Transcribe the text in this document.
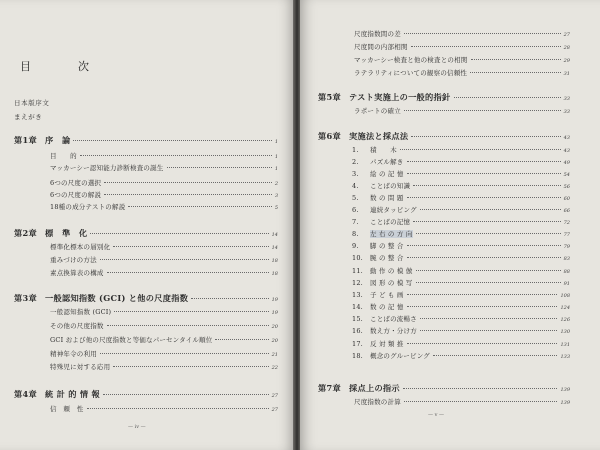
目　次
日本版序文
まえがき
第1章 序　論	1
目　　的	1
マッカーシー認知能力診断検査の誕生	1
6つの尺度の選択	2
6つの尺度の解説	3
18種の成分テストの解説	5
第2章 標　準　化	14
標準化標本の層別化	14
重みづけの方法	18
素点換算表の構成	18
第3章 一般認知指数 (GCI) と他の尺度指数	19
一般認知指数 (GCI)	19
その他の尺度指数	20
GCI および他の尺度指数と等価なパーセンタイル順位	20
精神年令の利用	21
特殊児に対する応用	22
第4章 統 計 的 情 報	27
信　頼　性	27
— iv —
尺度指数間の差	27
尺度間の内部相関	28
マッカーシー検査と他の検査との相関	29
ラテラリティについての観察の信頼性	31
第5章 テスト実施上の一般的指針	33
ラポートの確立	33
第6章 実施法と採点法	43
1. 積　　木	43
2. パズル解き	49
3. 絵 の 記 憶	54
4. ことばの知識	56
5. 数 の 問 題	60
6. 連続タッピング	66
7. ことばの記憶	72
8. 左 右 の 方 向	77
9. 脚 の 整 合	79
10. 腕 の 整 合	83
11. 動 作 の 模 倣	88
12. 図 形 の 模 写	91
13. 子 ど も 画	108
14. 数 の 記 憶	124
15. ことばの流暢さ	126
16. 数え方・分け方	130
17. 反 対 類 推	131
18. 概念のグルーピング	133
第7章 採点上の指示	139
尺度指数の計算	139
— v —
